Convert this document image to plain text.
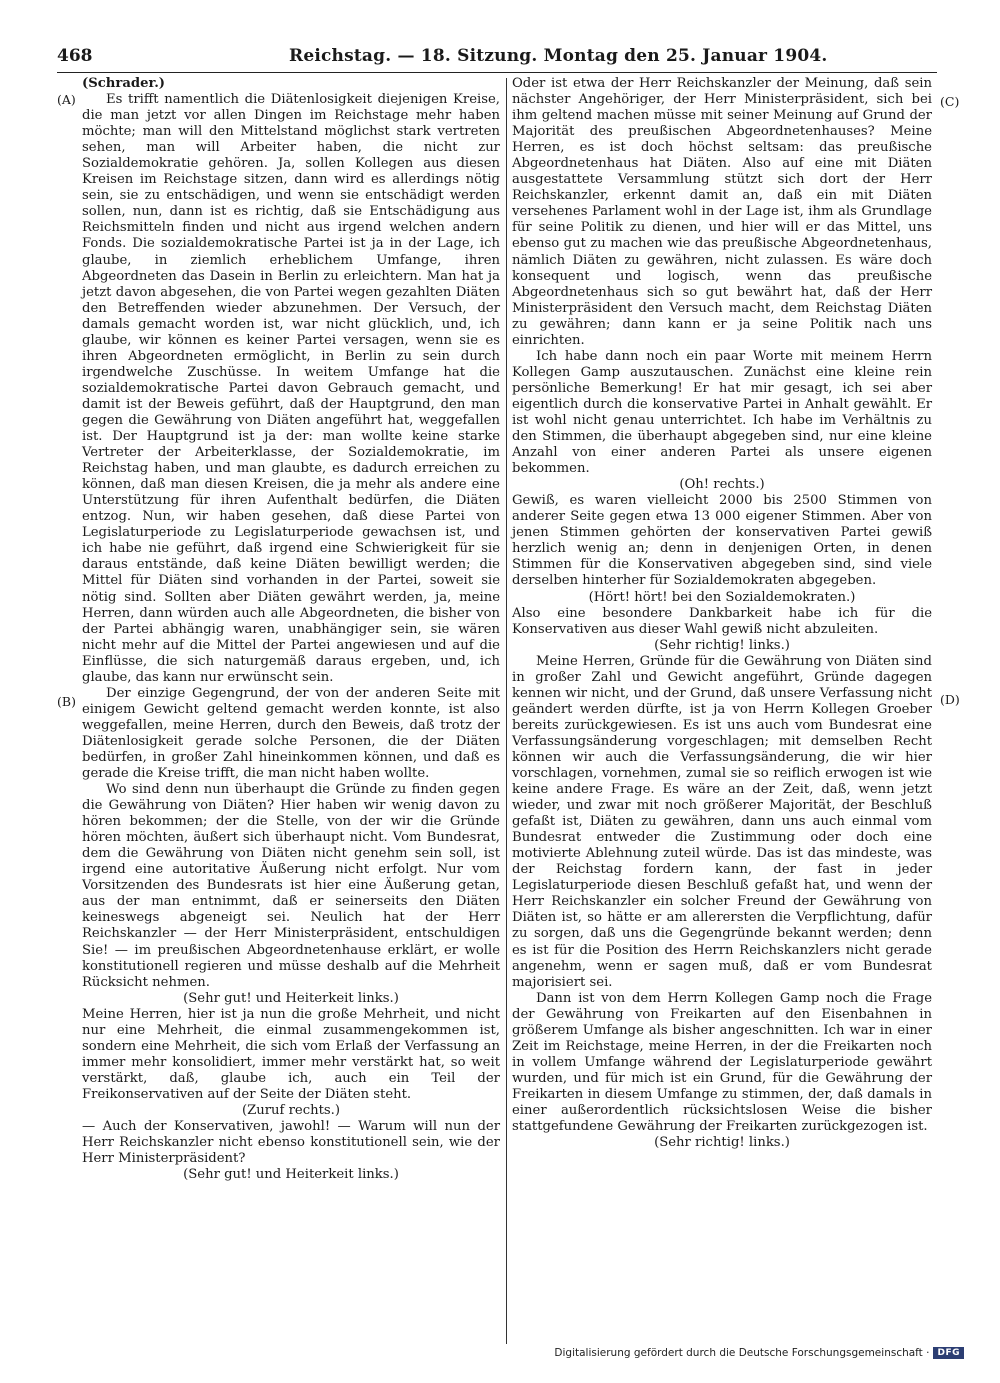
468	Reichstag. — 18. Sitzung. Montag den 25. Januar 1904.
(A)
(B)
(C)
(D)

(Schrader.)

Es trifft namentlich die Diätenlosigkeit diejenigen Kreise, die man jetzt vor allen Dingen im Reichstage mehr haben möchte; man will den Mittelstand möglichst stark vertreten sehen, man will Arbeiter haben, die nicht zur Sozialdemokratie gehören. Ja, sollen Kollegen aus diesen Kreisen im Reichstage sitzen, dann wird es allerdings nötig sein, sie zu entschädigen, und wenn sie entschädigt werden sollen, nun, dann ist es richtig, daß sie Entschädigung aus Reichsmitteln finden und nicht aus irgend welchen andern Fonds. Die sozialdemokratische Partei ist ja in der Lage, ich glaube, in ziemlich erheblichem Umfange, ihren Abgeordneten das Dasein in Berlin zu erleichtern. Man hat ja jetzt davon abgesehen, die von Partei wegen gezahlten Diäten den Betreffenden wieder abzunehmen. Der Versuch, der damals gemacht worden ist, war nicht glücklich, und, ich glaube, wir können es keiner Partei versagen, wenn sie es ihren Abgeordneten ermöglicht, in Berlin zu sein durch irgendwelche Zuschüsse. In weitem Umfange hat die sozialdemokratische Partei davon Gebrauch gemacht, und damit ist der Beweis geführt, daß der Hauptgrund, den man gegen die Gewährung von Diäten angeführt hat, weggefallen ist. Der Hauptgrund ist ja der: man wollte keine starke Vertreter der Arbeiterklasse, der Sozialdemokratie, im Reichstag haben, und man glaubte, es dadurch erreichen zu können, daß man diesen Kreisen, die ja mehr als andere eine Unterstützung für ihren Aufenthalt bedürfen, die Diäten entzog. Nun, wir haben gesehen, daß diese Partei von Legislaturperiode zu Legislaturperiode gewachsen ist, und ich habe nie geführt, daß irgend eine Schwierigkeit für sie daraus entstände, daß keine Diäten bewilligt werden; die Mittel für Diäten sind vorhanden in der Partei, soweit sie nötig sind. Sollten aber Diäten gewährt werden, ja, meine Herren, dann würden auch alle Abgeordneten, die bisher von der Partei abhängig waren, unabhängiger sein, sie wären nicht mehr auf die Mittel der Partei angewiesen und auf die Einflüsse, die sich naturgemäß daraus ergeben, und, ich glaube, das kann nur erwünscht sein.

Der einzige Gegengrund, der von der anderen Seite mit einigem Gewicht geltend gemacht werden konnte, ist also weggefallen, meine Herren, durch den Beweis, daß trotz der Diätenlosigkeit gerade solche Personen, die der Diäten bedürfen, in großer Zahl hineinkommen können, und daß es gerade die Kreise trifft, die man nicht haben wollte.

Wo sind denn nun überhaupt die Gründe zu finden gegen die Gewährung von Diäten? Hier haben wir wenig davon zu hören bekommen; der die Stelle, von der wir die Gründe hören möchten, äußert sich überhaupt nicht. Vom Bundesrat, dem die Gewährung von Diäten nicht genehm sein soll, ist irgend eine autoritative Äußerung nicht erfolgt. Nur vom Vorsitzenden des Bundesrats ist hier eine Äußerung getan, aus der man entnimmt, daß er seinerseits den Diäten keineswegs abgeneigt sei. Neulich hat der Herr Reichskanzler — der Herr Ministerpräsident, entschuldigen Sie! — im preußischen Abgeordnetenhause erklärt, er wolle konstitutionell regieren und müsse deshalb auf die Mehrheit Rücksicht nehmen.

(Sehr gut! und Heiterkeit links.)

Meine Herren, hier ist ja nun die große Mehrheit, und nicht nur eine Mehrheit, die einmal zusammengekommen ist, sondern eine Mehrheit, die sich vom Erlaß der Verfassung an immer mehr konsolidiert, immer mehr verstärkt hat, so weit verstärkt, daß, glaube ich, auch ein Teil der Freikonservativen auf der Seite der Diäten steht.

(Zuruf rechts.)

— Auch der Konservativen, jawohl! — Warum will nun der Herr Reichskanzler nicht ebenso konstitutionell sein, wie der Herr Ministerpräsident?

(Sehr gut! und Heiterkeit links.)

Oder ist etwa der Herr Reichskanzler der Meinung, daß sein nächster Angehöriger, der Herr Ministerpräsident, sich bei ihm geltend machen müsse mit seiner Meinung auf Grund der Majorität des preußischen Abgeordnetenhauses? Meine Herren, es ist doch höchst seltsam: das preußische Abgeordnetenhaus hat Diäten. Also auf eine mit Diäten ausgestattete Versammlung stützt sich dort der Herr Reichskanzler, erkennt damit an, daß ein mit Diäten versehenes Parlament wohl in der Lage ist, ihm als Grundlage für seine Politik zu dienen, und hier will er das Mittel, uns ebenso gut zu machen wie das preußische Abgeordnetenhaus, nämlich Diäten zu gewähren, nicht zulassen. Es wäre doch konsequent und logisch, wenn das preußische Abgeordnetenhaus sich so gut bewährt hat, daß der Herr Ministerpräsident den Versuch macht, dem Reichstag Diäten zu gewähren; dann kann er ja seine Politik nach uns einrichten.

Ich habe dann noch ein paar Worte mit meinem Herrn Kollegen Gamp auszutauschen. Zunächst eine kleine rein persönliche Bemerkung! Er hat mir gesagt, ich sei aber eigentlich durch die konservative Partei in Anhalt gewählt. Er ist wohl nicht genau unterrichtet. Ich habe im Verhältnis zu den Stimmen, die überhaupt abgegeben sind, nur eine kleine Anzahl von einer anderen Partei als unsere eigenen bekommen.

(Oh! rechts.)

Gewiß, es waren vielleicht 2000 bis 2500 Stimmen von anderer Seite gegen etwa 13 000 eigener Stimmen. Aber von jenen Stimmen gehörten der konservativen Partei gewiß herzlich wenig an; denn in denjenigen Orten, in denen Stimmen für die Konservativen abgegeben sind, sind viele derselben hinterher für Sozialdemokraten abgegeben.

(Hört! hört! bei den Sozialdemokraten.)

Also eine besondere Dankbarkeit habe ich für die Konservativen aus dieser Wahl gewiß nicht abzuleiten.

(Sehr richtig! links.)

Meine Herren, Gründe für die Gewährung von Diäten sind in großer Zahl und Gewicht angeführt, Gründe dagegen kennen wir nicht, und der Grund, daß unsere Verfassung nicht geändert werden dürfte, ist ja von Herrn Kollegen Groeber bereits zurückgewiesen. Es ist uns auch vom Bundesrat eine Verfassungsänderung vorgeschlagen; mit demselben Recht können wir auch die Verfassungsänderung, die wir hier vorschlagen, vornehmen, zumal sie so reiflich erwogen ist wie keine andere Frage. Es wäre an der Zeit, daß, wenn jetzt wieder, und zwar mit noch größerer Majorität, der Beschluß gefaßt ist, Diäten zu gewähren, dann uns auch einmal vom Bundesrat entweder die Zustimmung oder doch eine motivierte Ablehnung zuteil würde. Das ist das mindeste, was der Reichstag fordern kann, der fast in jeder Legislaturperiode diesen Beschluß gefaßt hat, und wenn der Herr Reichskanzler ein solcher Freund der Gewährung von Diäten ist, so hätte er am allerersten die Verpflichtung, dafür zu sorgen, daß uns die Gegengründe bekannt werden; denn es ist für die Position des Herrn Reichskanzlers nicht gerade angenehm, wenn er sagen muß, daß er vom Bundesrat majorisiert sei.

Dann ist von dem Herrn Kollegen Gamp noch die Frage der Gewährung von Freikarten auf den Eisenbahnen in größerem Umfange als bisher angeschnitten. Ich war in einer Zeit im Reichstage, meine Herren, in der die Freikarten noch in vollem Umfange während der Legislaturperiode gewährt wurden, und für mich ist ein Grund, für die Gewährung der Freikarten in diesem Umfange zu stimmen, der, daß damals in einer außerordentlich rücksichtslosen Weise die bisher stattgefundene Gewährung der Freikarten zurückgezogen ist.

(Sehr richtig! links.)

Digitalisierung gefördert durch die Deutsche Forschungsgemeinschaft · DFG
